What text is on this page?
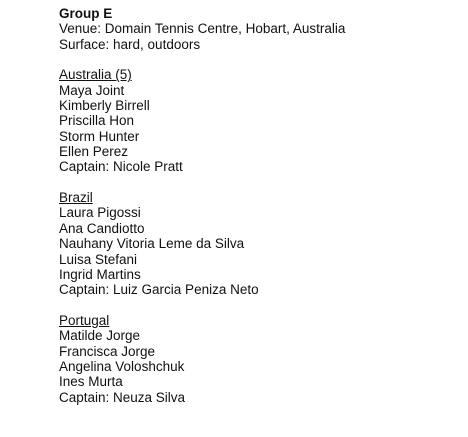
Group E
Venue: Domain Tennis Centre, Hobart, Australia
Surface: hard, outdoors
Australia (5)
Maya Joint
Kimberly Birrell
Priscilla Hon
Storm Hunter
Ellen Perez
Captain: Nicole Pratt
Brazil
Laura Pigossi
Ana Candiotto
Nauhany Vitoria Leme da Silva
Luisa Stefani
Ingrid Martins
Captain: Luiz Garcia Peniza Neto
Portugal
Matilde Jorge
Francisca Jorge
Angelina Voloshchuk
Ines Murta
Captain: Neuza Silva
